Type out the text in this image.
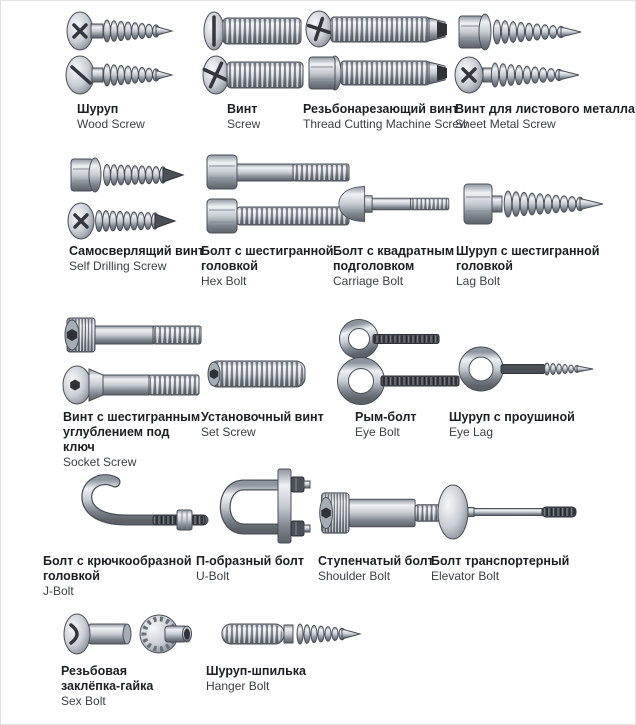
Шуруп
Wood Screw
Винт
Screw
Резьбонарезающий винт
Thread Cutting Machine Screw
Винт для листового металла
Sheet Metal Screw
Самосверлящий винт
Self Drilling Screw
Болт с шестигранной головкой
Hex Bolt
Болт с квадратным подголовком
Carriage Bolt
Шуруп с шестигранной головкой
Lag Bolt
Винт с шестигранным углублением под ключ
Socket Screw
Установочный винт
Set Screw
Рым-болт
Eye Bolt
Шуруп с проушиной
Eye Lag
Болт с крючкообразной головкой
J-Bolt
П-образный болт
U-Bolt
Ступенчатый болт
Shoulder Bolt
Болт транспортерный
Elevator Bolt
Резьбовая заклёпка-гайка
Sex Bolt
Шуруп-шпилька
Hanger Bolt
